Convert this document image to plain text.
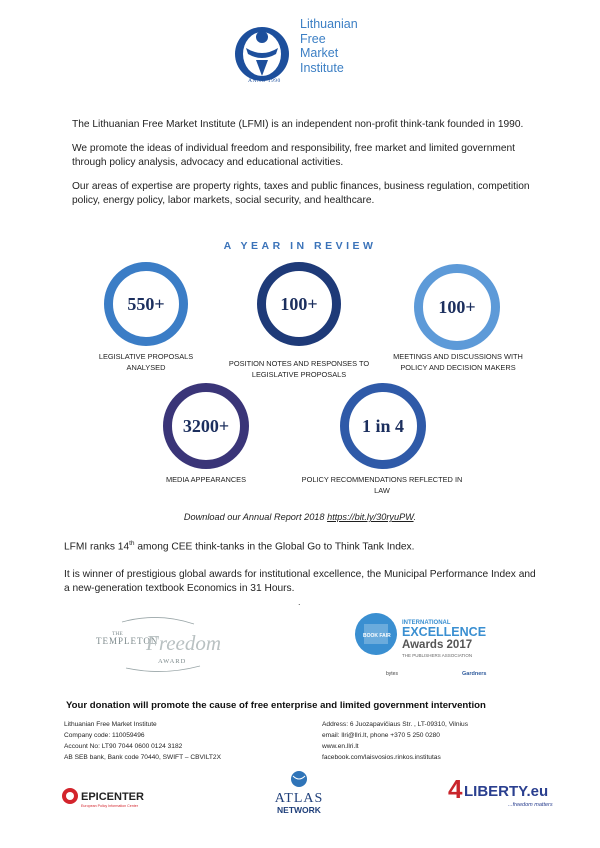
ANNO 1990
Lithuanian
Free
Market
Institute

The Lithuanian Free Market Institute (LFMI) is an independent non-profit think-tank founded in 1990.

We promote the ideas of individual freedom and responsibility, free market and limited government through policy analysis, advocacy and educational activities.

Our areas of expertise are property rights, taxes and public finances, business regulation, competition policy, energy policy, labor markets, social security, and healthcare.

A YEAR IN REVIEW
550+
LEGISLATIVE PROPOSALS ANALYSED
100+
POSITION NOTES AND RESPONSES TO LEGISLATIVE PROPOSALS
100+
MEETINGS AND DISCUSSIONS WITH POLICY AND DECISION MAKERS
3200+
MEDIA APPEARANCES
1 in 4
POLICY RECOMMENDATIONS REFLECTED IN LAW
Download our Annual Report 2018 https://bit.ly/30ryuPW.
LFMI ranks 14th among CEE think-tanks in the Global Go to Think Tank Index.
It is winner of prestigious global awards for institutional excellence, the Municipal Performance Index and a new-generation textbook Economics in 31 Hours.
.
THE
TEMPLETON
Freedom
AWARD
BOOK FAIR
INTERNATIONAL
EXCELLENCE
Awards 2017
THE PUBLISHERS ASSOCIATION
bytes	Gardners
Your donation will promote the cause of free enterprise and limited government intervention
Lithuanian Free Market Institute
Company code: 110059496
Account No: LT90 7044 0600 0124 3182
AB SEB bank, Bank code 70440, SWIFT – CBVILT2X
Address: 6 Juozapavičiaus Str. , LT-09310, Vilnius
email: llri@llri.lt, phone +370 5 250 0280
www.en.llri.lt
facebook.com/laisvosios.rinkos.institutas
EPICENTER
European Policy Information Center	ATLAS
NETWORK
4 LIBERTY.eu
...freedom matters
